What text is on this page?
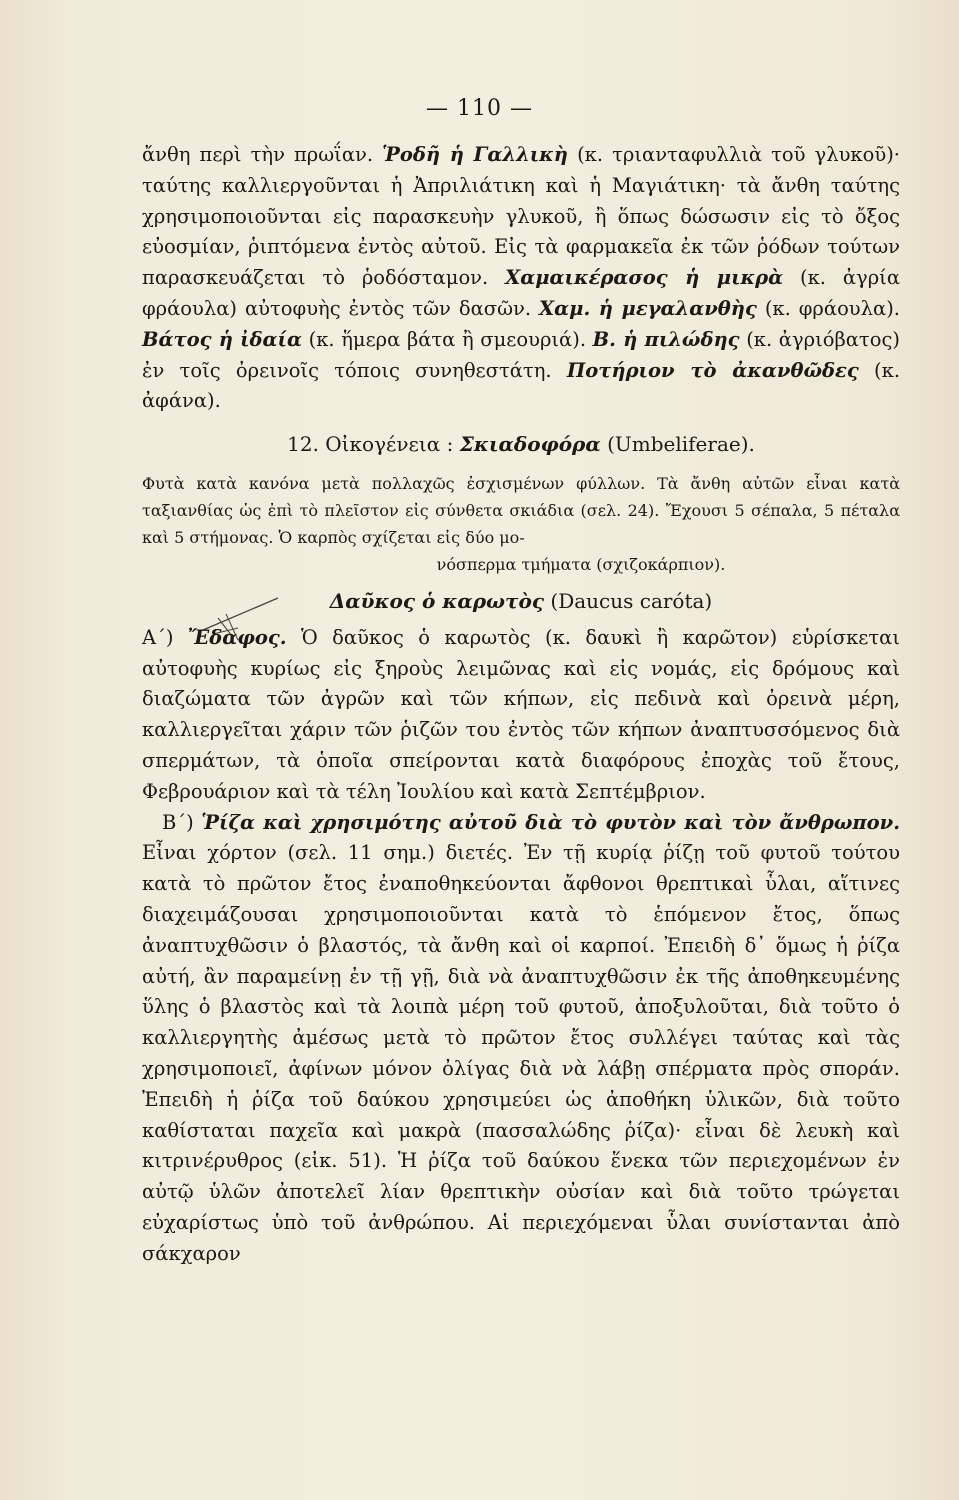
— 110 —

ἄνθη περὶ τὴν πρωΐαν. Ῥοδῆ ἡ Γαλλικὴ (κ. τριανταφυλλιὰ τοῦ γλυκοῦ)· ταύτης καλλιεργοῦνται ἡ Ἀπριλιάτικη καὶ ἡ Μαγιάτικη· τὰ ἄνθη ταύτης χρησιμοποιοῦνται εἰς παρασκευὴν γλυκοῦ, ἢ ὅπως δώσωσιν εἰς τὸ ὄξος εὐοσμίαν, ῥιπτόμενα ἐντὸς αὐτοῦ. Εἰς τὰ φαρμακεῖα ἐκ τῶν ῥόδων τούτων παρασκευάζεται τὸ ῥοδόσταμον. Χαμαικέρασος ἡ μικρὰ (κ. ἀγρία φράουλα) αὐτοφυὴς ἐντὸς τῶν δασῶν. Χαμ. ἡ μεγαλανθὴς (κ. φράουλα). Βάτος ἡ ἰδαία (κ. ἥμερα βάτα ἢ σμεουριά). Β. ἡ πιλώδης (κ. ἀγριόβατος) ἐν τοῖς ὀρεινοῖς τόποις συνηθεστάτη. Ποτήριον τὸ ἀκανθῶδες (κ. ἀφάνα).

12. Οἰκογένεια : Σκιαδοφόρα (Umbeliferae).

Φυτὰ κατὰ κανόνα μετὰ πολλαχῶς ἐσχισμένων φύλλων. Τὰ ἄνθη αὐτῶν εἶναι κατὰ ταξιανθίας ὡς ἐπὶ τὸ πλεῖστον εἰς σύνθετα σκιάδια (σελ. 24). Ἔχουσι 5 σέπαλα, 5 πέταλα καὶ 5 στήμονας. Ὁ καρπὸς σχίζεται εἰς δύο μο-
νόσπερμα τμήματα (σχιζοκάρπιον).

Δαῦκος ὁ καρωτὸς (Daucus caróta)

Α΄) Ἔδαφος. Ὁ δαῦκος ὁ καρωτὸς (κ. δαυκὶ ἢ καρῶτον) εὑρίσκεται αὐτοφυὴς κυρίως εἰς ξηροὺς λειμῶνας καὶ εἰς νομάς, εἰς δρόμους καὶ διαζώματα τῶν ἀγρῶν καὶ τῶν κήπων, εἰς πεδινὰ καὶ ὀρεινὰ μέρη, καλλιεργεῖται χάριν τῶν ῥιζῶν του ἐντὸς τῶν κήπων ἀναπτυσσόμενος διὰ σπερμάτων, τὰ ὁποῖα σπείρονται κατὰ διαφόρους ἐποχὰς τοῦ ἔτους, Φεβρουάριον καὶ τὰ τέλη Ἰουλίου καὶ κατὰ Σεπτέμβριον.

Β΄) Ῥίζα καὶ χρησιμότης αὐτοῦ διὰ τὸ φυτὸν καὶ τὸν ἄνθρωπον. Εἶναι χόρτον (σελ. 11 σημ.) διετές. Ἐν τῇ κυρίᾳ ῥίζῃ τοῦ φυτοῦ τούτου κατὰ τὸ πρῶτον ἔτος ἐναποθηκεύονται ἄφθονοι θρεπτικαὶ ὗλαι, αἵτινες διαχειμάζουσαι χρησιμοποιοῦνται κατὰ τὸ ἑπόμενον ἔτος, ὅπως ἀναπτυχθῶσιν ὁ βλαστός, τὰ ἄνθη καὶ οἱ καρποί. Ἐπειδὴ δ᾿ ὅμως ἡ ῥίζα αὐτή, ἂν παραμείνῃ ἐν τῇ γῇ, διὰ νὰ ἀναπτυχθῶσιν ἐκ τῆς ἀποθηκευμένης ὕλης ὁ βλαστὸς καὶ τὰ λοιπὰ μέρη τοῦ φυτοῦ, ἀποξυλοῦται, διὰ τοῦτο ὁ καλλιεργητὴς ἀμέσως μετὰ τὸ πρῶτον ἔτος συλλέγει ταύτας καὶ τὰς χρησιμοποιεῖ, ἀφίνων μόνον ὀλίγας διὰ νὰ λάβῃ σπέρματα πρὸς σποράν. Ἐπειδὴ ἡ ῥίζα τοῦ δαύκου χρησιμεύει ὡς ἀποθήκη ὑλικῶν, διὰ τοῦτο καθίσταται παχεῖα καὶ μακρὰ (πασσαλώδης ῥίζα)· εἶναι δὲ λευκὴ καὶ κιτρινέρυθρος (εἰκ. 51). Ἡ ῥίζα τοῦ δαύκου ἕνεκα τῶν περιεχομένων ἐν αὐτῷ ὑλῶν ἀποτελεῖ λίαν θρεπτικὴν οὐσίαν καὶ διὰ τοῦτο τρώγεται εὐχαρίστως ὑπὸ τοῦ ἀνθρώπου. Αἱ περιεχόμεναι ὗλαι συνίστανται ἀπὸ σάκχαρον
